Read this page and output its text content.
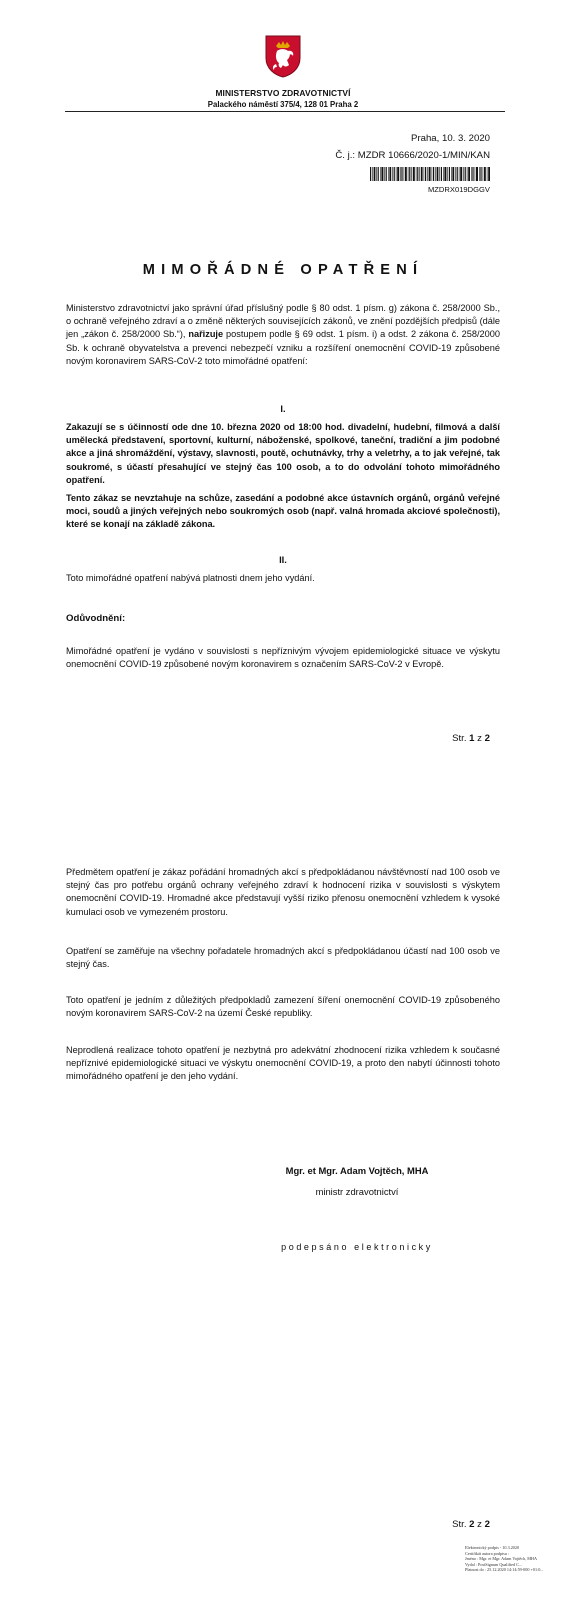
MINISTERSTVO ZDRAVOTNICTVÍ
Palackého náměstí 375/4, 128 01 Praha 2
Praha, 10. 3. 2020
Č. j.: MZDR 10666/2020-1/MIN/KAN
MZDRX019DGGV
MIMOŘÁDNÉ OPATŘENÍ
Ministerstvo zdravotnictví jako správní úřad příslušný podle § 80 odst. 1 písm. g) zákona č. 258/2000 Sb., o ochraně veřejného zdraví a o změně některých souvisejících zákonů, ve znění pozdějších předpisů (dále jen „zákon č. 258/2000 Sb.“), nařizuje postupem podle § 69 odst. 1 písm. i) a odst. 2 zákona č. 258/2000 Sb. k ochraně obyvatelstva a prevenci nebezpečí vzniku a rozšíření onemocnění COVID-19 způsobené novým koronavirem SARS-CoV-2 toto mimořádné opatření:
I.
Zakazují se s účinností ode dne 10. března 2020 od 18:00 hod. divadelní, hudební, filmová a další umělecká představení, sportovní, kulturní, náboženské, spolkové, taneční, tradiční a jim podobné akce a jiná shromáždění, výstavy, slavnosti, poutě, ochutnávky, trhy a veletrhy, a to jak veřejné, tak soukromé, s účastí přesahující ve stejný čas 100 osob, a to do odvolání tohoto mimořádného opatření.
Tento zákaz se nevztahuje na schůze, zasedání a podobné akce ústavních orgánů, orgánů veřejné moci, soudů a jiných veřejných nebo soukromých osob (např. valná hromada akciové společnosti), které se konají na základě zákona.
II.
Toto mimořádné opatření nabývá platnosti dnem jeho vydání.
Odůvodnění:
Mimořádné opatření je vydáno v souvislosti s nepříznivým vývojem epidemiologické situace ve výskytu onemocnění COVID-19 způsobené novým koronavirem s označením SARS-CoV-2 v Evropě.
Str. 1 z 2
Předmětem opatření je zákaz pořádání hromadných akcí s předpokládanou návštěvností nad 100 osob ve stejný čas pro potřebu orgánů ochrany veřejného zdraví k hodnocení rizika v souvislosti s výskytem onemocnění COVID-19. Hromadné akce představují vyšší riziko přenosu onemocnění vzhledem k vysoké kumulaci osob ve vymezeném prostoru.
Opatření se zaměřuje na všechny pořadatele hromadných akcí s předpokládanou účastí nad 100 osob ve stejný čas.
Toto opatření je jedním z důležitých předpokladů zamezení šíření onemocnění COVID-19 způsobeného novým koronavirem SARS-CoV-2 na území České republiky.
Neprodlená realizace tohoto opatření je nezbytná pro adekvátní zhodnocení rizika vzhledem k současné nepříznivé epidemiologické situaci ve výskytu onemocnění COVID-19, a proto den nabytí účinnosti tohoto mimořádného opatření je den jeho vydání.
Mgr. et Mgr. Adam Vojtěch, MHA
ministr zdravotnictví
podepsáno elektronicky
Str. 2 z 2
Elektronický podpis - 10.3.2020
Certifikát autora podpisu :
Jméno : Mgr. et Mgr. Adam Vojtěch, MHA
Vydal : PostSignum Qualified C...
Platnost do : 25.12.2020 14:14:59-000 +01:0...
